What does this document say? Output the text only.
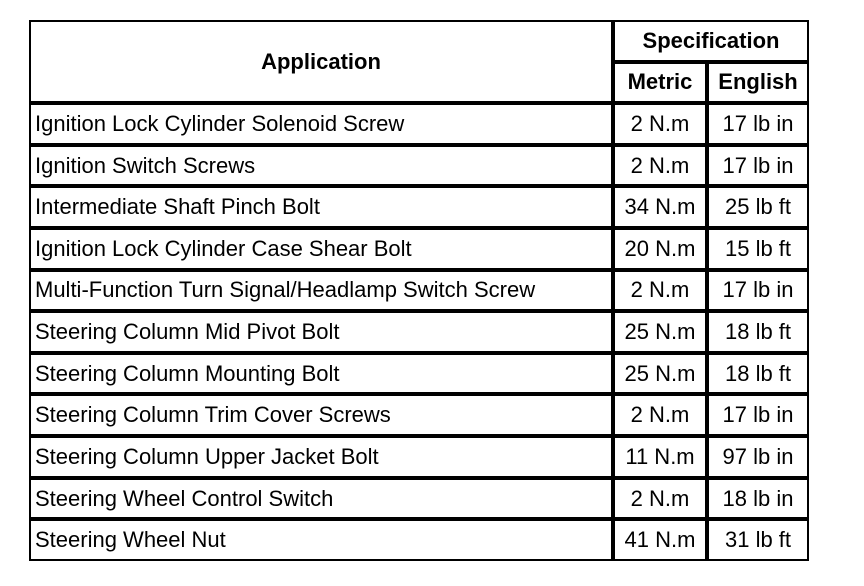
Application	Specification	
	Metric	English
Ignition Lock Cylinder Solenoid Screw	2 N.m	17 lb in
Ignition Switch Screws	2 N.m	17 lb in
Intermediate Shaft Pinch Bolt	34 N.m	25 lb ft
Ignition Lock Cylinder Case Shear Bolt	20 N.m	15 lb ft
Multi-Function Turn Signal/Headlamp Switch Screw	2 N.m	17 lb in
Steering Column Mid Pivot Bolt	25 N.m	18 lb ft
Steering Column Mounting Bolt	25 N.m	18 lb ft
Steering Column Trim Cover Screws	2 N.m	17 lb in
Steering Column Upper Jacket Bolt	11 N.m	97 lb in
Steering Wheel Control Switch	2 N.m	18 lb in
Steering Wheel Nut	41 N.m	31 lb ft
